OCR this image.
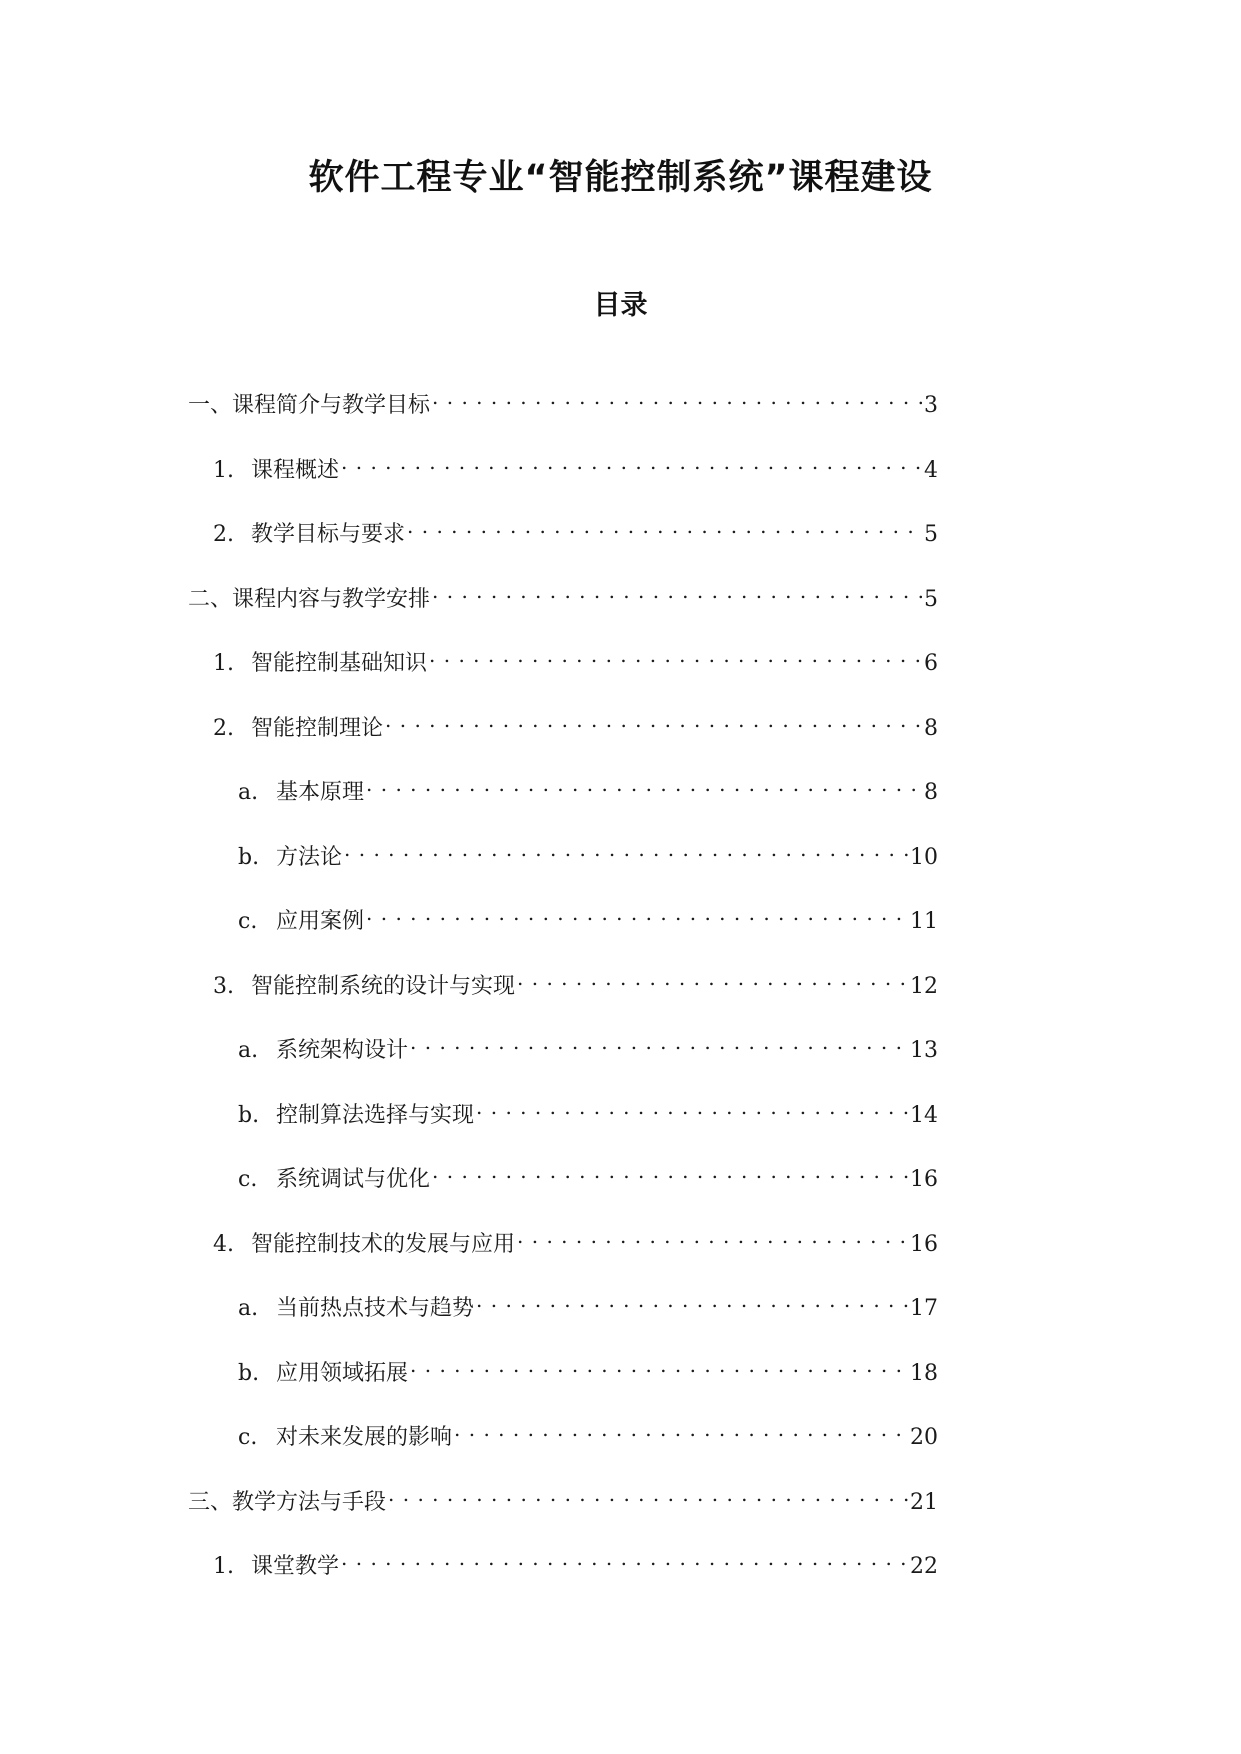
软件工程专业“智能控制系统”课程建设
目录
一、课程简介与教学目标 . . .	3
1. 课程概述 . . .	4
2. 教学目标与要求 . . .	5
二、课程内容与教学安排 . . .	5
1. 智能控制基础知识 . . .	6
2. 智能控制理论 . . .	8
a. 基本原理 . . .	8
b. 方法论 . . .	10
c. 应用案例 . . .	11
3. 智能控制系统的设计与实现 . . .	12
a. 系统架构设计 . . .	13
b. 控制算法选择与实现 . . .	14
c. 系统调试与优化 . . .	16
4. 智能控制技术的发展与应用 . . .	16
a. 当前热点技术与趋势 . . .	17
b. 应用领域拓展 . . .	18
c. 对未来发展的影响 . . .	20
三、教学方法与手段 . . .	21
1. 课堂教学 . . .	22
